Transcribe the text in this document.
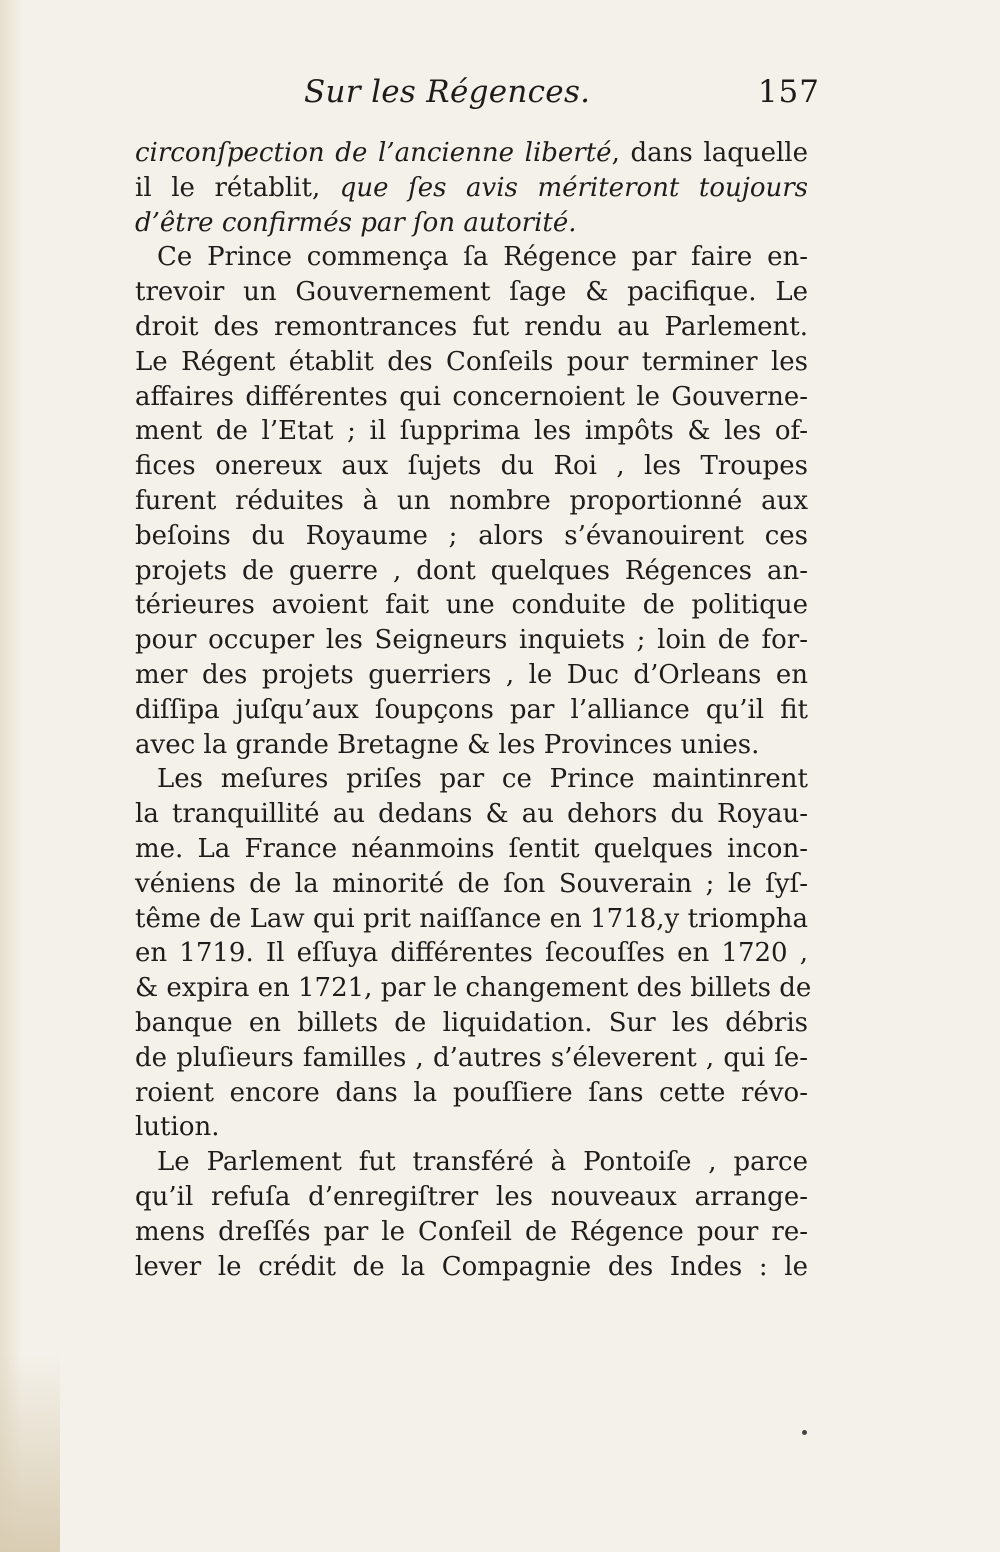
Sur les Régences.	157
circonſpection de l’ancienne liberté, dans laquelle
il le rétablit, que ſes avis mériteront toujours
d’être confirmés par ſon autorité.
Ce Prince commença ſa Régence par faire en-
trevoir un Gouvernement ſage & pacifique. Le
droit des remontrances fut rendu au Parlement.
Le Régent établit des Conſeils pour terminer les
affaires différentes qui concernoient le Gouverne-
ment de l’Etat ; il ſupprima les impôts & les of-
fices onereux aux ſujets du Roi , les Troupes
furent réduites à un nombre proportionné aux
beſoins du Royaume ; alors s’évanouirent ces
projets de guerre , dont quelques Régences an-
térieures avoient fait une conduite de politique
pour occuper les Seigneurs inquiets ; loin de for-
mer des projets guerriers , le Duc d’Orleans en
diſſipa juſqu’aux ſoupçons par l’alliance qu’il fit
avec la grande Bretagne & les Provinces unies.
Les meſures priſes par ce Prince maintinrent
la tranquillité au dedans & au dehors du Royau-
me. La France néanmoins ſentit quelques incon-
véniens de la minorité de ſon Souverain ; le ſyſ-
tême de Law qui prit naiſſance en 1718,y triompha
en 1719. Il eſſuya différentes ſecouſſes en 1720 ,
& expira en 1721, par le changement des billets de
banque en billets de liquidation. Sur les débris
de pluſieurs familles , d’autres s’éleverent , qui ſe-
roient encore dans la pouſſiere ſans cette révo-
lution.
Le Parlement fut transféré à Pontoiſe , parce
qu’il refuſa d’enregiſtrer les nouveaux arrange-
mens dreſſés par le Conſeil de Régence pour re-
lever le crédit de la Compagnie des Indes : le
